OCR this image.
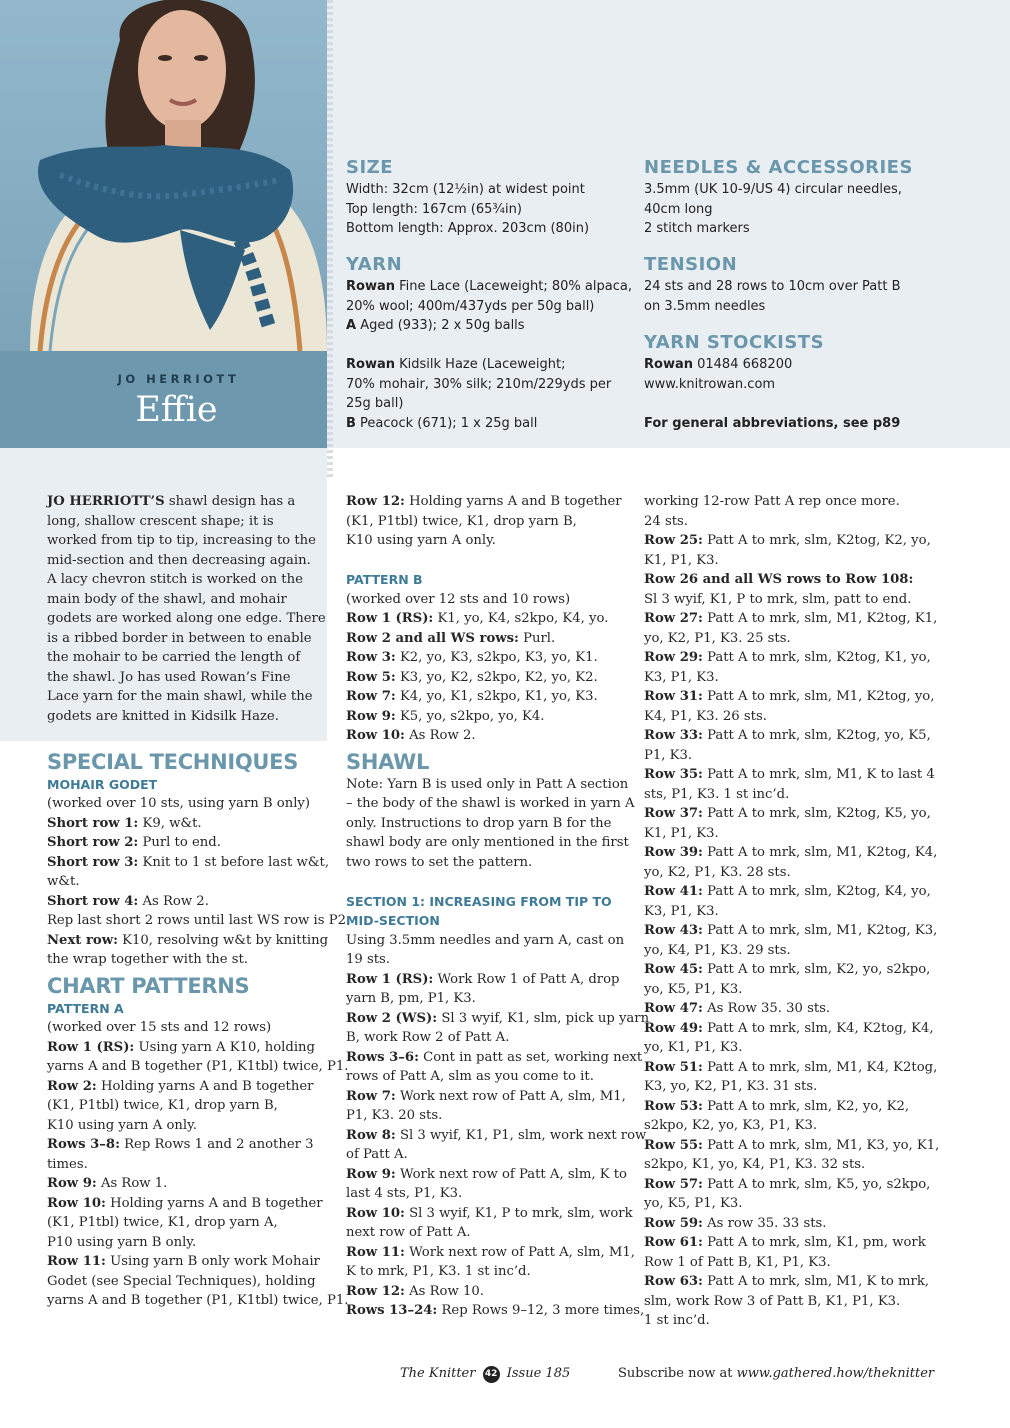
JO HERRIOTT
Effie
SIZE
Width: 32cm (12½in) at widest point
Top length: 167cm (65¾in)
Bottom length: Approx. 203cm (80in)
YARN
Rowan Fine Lace (Laceweight; 80% alpaca,
20% wool; 400m/437yds per 50g ball)
A Aged (933); 2 x 50g balls

Rowan Kidsilk Haze (Laceweight;
70% mohair, 30% silk; 210m/229yds per
25g ball)
B Peacock (671); 1 x 25g ball
NEEDLES & ACCESSORIES
3.5mm (UK 10-9/US 4) circular needles,
40cm long
2 stitch markers
TENSION
24 sts and 28 rows to 10cm over Patt B
on 3.5mm needles
YARN STOCKISTS
Rowan 01484 668200
www.knitrowan.com
For general abbreviations, see p89
JO HERRIOTT’S shawl design has a
long, shallow crescent shape; it is
worked from tip to tip, increasing to the
mid-section and then decreasing again.
A lacy chevron stitch is worked on the
main body of the shawl, and mohair
godets are worked along one edge. There
is a ribbed border in between to enable
the mohair to be carried the length of
the shawl. Jo has used Rowan’s Fine
Lace yarn for the main shawl, while the
godets are knitted in Kidsilk Haze.
SPECIAL TECHNIQUES
MOHAIR GODET
(worked over 10 sts, using yarn B only)
Short row 1: K9, w&t.
Short row 2: Purl to end.
Short row 3: Knit to 1 st before last w&t,
w&t.
Short row 4: As Row 2.
Rep last short 2 rows until last WS row is P2.
Next row: K10, resolving w&t by knitting
the wrap together with the st.
CHART PATTERNS
PATTERN A
(worked over 15 sts and 12 rows)
Row 1 (RS): Using yarn A K10, holding
yarns A and B together (P1, K1tbl) twice, P1.
Row 2: Holding yarns A and B together
(K1, P1tbl) twice, K1, drop yarn B,
K10 using yarn A only.
Rows 3–8: Rep Rows 1 and 2 another 3
times.
Row 9: As Row 1.
Row 10: Holding yarns A and B together
(K1, P1tbl) twice, K1, drop yarn A,
P10 using yarn B only.
Row 11: Using yarn B only work Mohair
Godet (see Special Techniques), holding
yarns A and B together (P1, K1tbl) twice, P1.
Row 12: Holding yarns A and B together
(K1, P1tbl) twice, K1, drop yarn B,
K10 using yarn A only.
PATTERN B
(worked over 12 sts and 10 rows)
Row 1 (RS): K1, yo, K4, s2kpo, K4, yo.
Row 2 and all WS rows: Purl.
Row 3: K2, yo, K3, s2kpo, K3, yo, K1.
Row 5: K3, yo, K2, s2kpo, K2, yo, K2.
Row 7: K4, yo, K1, s2kpo, K1, yo, K3.
Row 9: K5, yo, s2kpo, yo, K4.
Row 10: As Row 2.
SHAWL
Note: Yarn B is used only in Patt A section
– the body of the shawl is worked in yarn A
only. Instructions to drop yarn B for the
shawl body are only mentioned in the first
two rows to set the pattern.
SECTION 1: INCREASING FROM TIP TO
MID-SECTION
Using 3.5mm needles and yarn A, cast on
19 sts.
Row 1 (RS): Work Row 1 of Patt A, drop
yarn B, pm, P1, K3.
Row 2 (WS): Sl 3 wyif, K1, slm, pick up yarn
B, work Row 2 of Patt A.
Rows 3–6: Cont in patt as set, working next
rows of Patt A, slm as you come to it.
Row 7: Work next row of Patt A, slm, M1,
P1, K3. 20 sts.
Row 8: Sl 3 wyif, K1, P1, slm, work next row
of Patt A.
Row 9: Work next row of Patt A, slm, K to
last 4 sts, P1, K3.
Row 10: Sl 3 wyif, K1, P to mrk, slm, work
next row of Patt A.
Row 11: Work next row of Patt A, slm, M1,
K to mrk, P1, K3. 1 st inc’d.
Row 12: As Row 10.
Rows 13–24: Rep Rows 9–12, 3 more times,
working 12-row Patt A rep once more.
24 sts.
Row 25: Patt A to mrk, slm, K2tog, K2, yo,
K1, P1, K3.
Row 26 and all WS rows to Row 108:
Sl 3 wyif, K1, P to mrk, slm, patt to end.
Row 27: Patt A to mrk, slm, M1, K2tog, K1,
yo, K2, P1, K3. 25 sts.
Row 29: Patt A to mrk, slm, K2tog, K1, yo,
K3, P1, K3.
Row 31: Patt A to mrk, slm, M1, K2tog, yo,
K4, P1, K3. 26 sts.
Row 33: Patt A to mrk, slm, K2tog, yo, K5,
P1, K3.
Row 35: Patt A to mrk, slm, M1, K to last 4
sts, P1, K3. 1 st inc’d.
Row 37: Patt A to mrk, slm, K2tog, K5, yo,
K1, P1, K3.
Row 39: Patt A to mrk, slm, M1, K2tog, K4,
yo, K2, P1, K3. 28 sts.
Row 41: Patt A to mrk, slm, K2tog, K4, yo,
K3, P1, K3.
Row 43: Patt A to mrk, slm, M1, K2tog, K3,
yo, K4, P1, K3. 29 sts.
Row 45: Patt A to mrk, slm, K2, yo, s2kpo,
yo, K5, P1, K3.
Row 47: As Row 35. 30 sts.
Row 49: Patt A to mrk, slm, K4, K2tog, K4,
yo, K1, P1, K3.
Row 51: Patt A to mrk, slm, M1, K4, K2tog,
K3, yo, K2, P1, K3. 31 sts.
Row 53: Patt A to mrk, slm, K2, yo, K2,
s2kpo, K2, yo, K3, P1, K3.
Row 55: Patt A to mrk, slm, M1, K3, yo, K1,
s2kpo, K1, yo, K4, P1, K3. 32 sts.
Row 57: Patt A to mrk, slm, K5, yo, s2kpo,
yo, K5, P1, K3.
Row 59: As row 35. 33 sts.
Row 61: Patt A to mrk, slm, K1, pm, work
Row 1 of Patt B, K1, P1, K3.
Row 63: Patt A to mrk, slm, M1, K to mrk,
slm, work Row 3 of Patt B, K1, P1, K3.
1 st inc’d.
The Knitter 42 Issue 185	Subscribe now at www.gathered.how/theknitter
